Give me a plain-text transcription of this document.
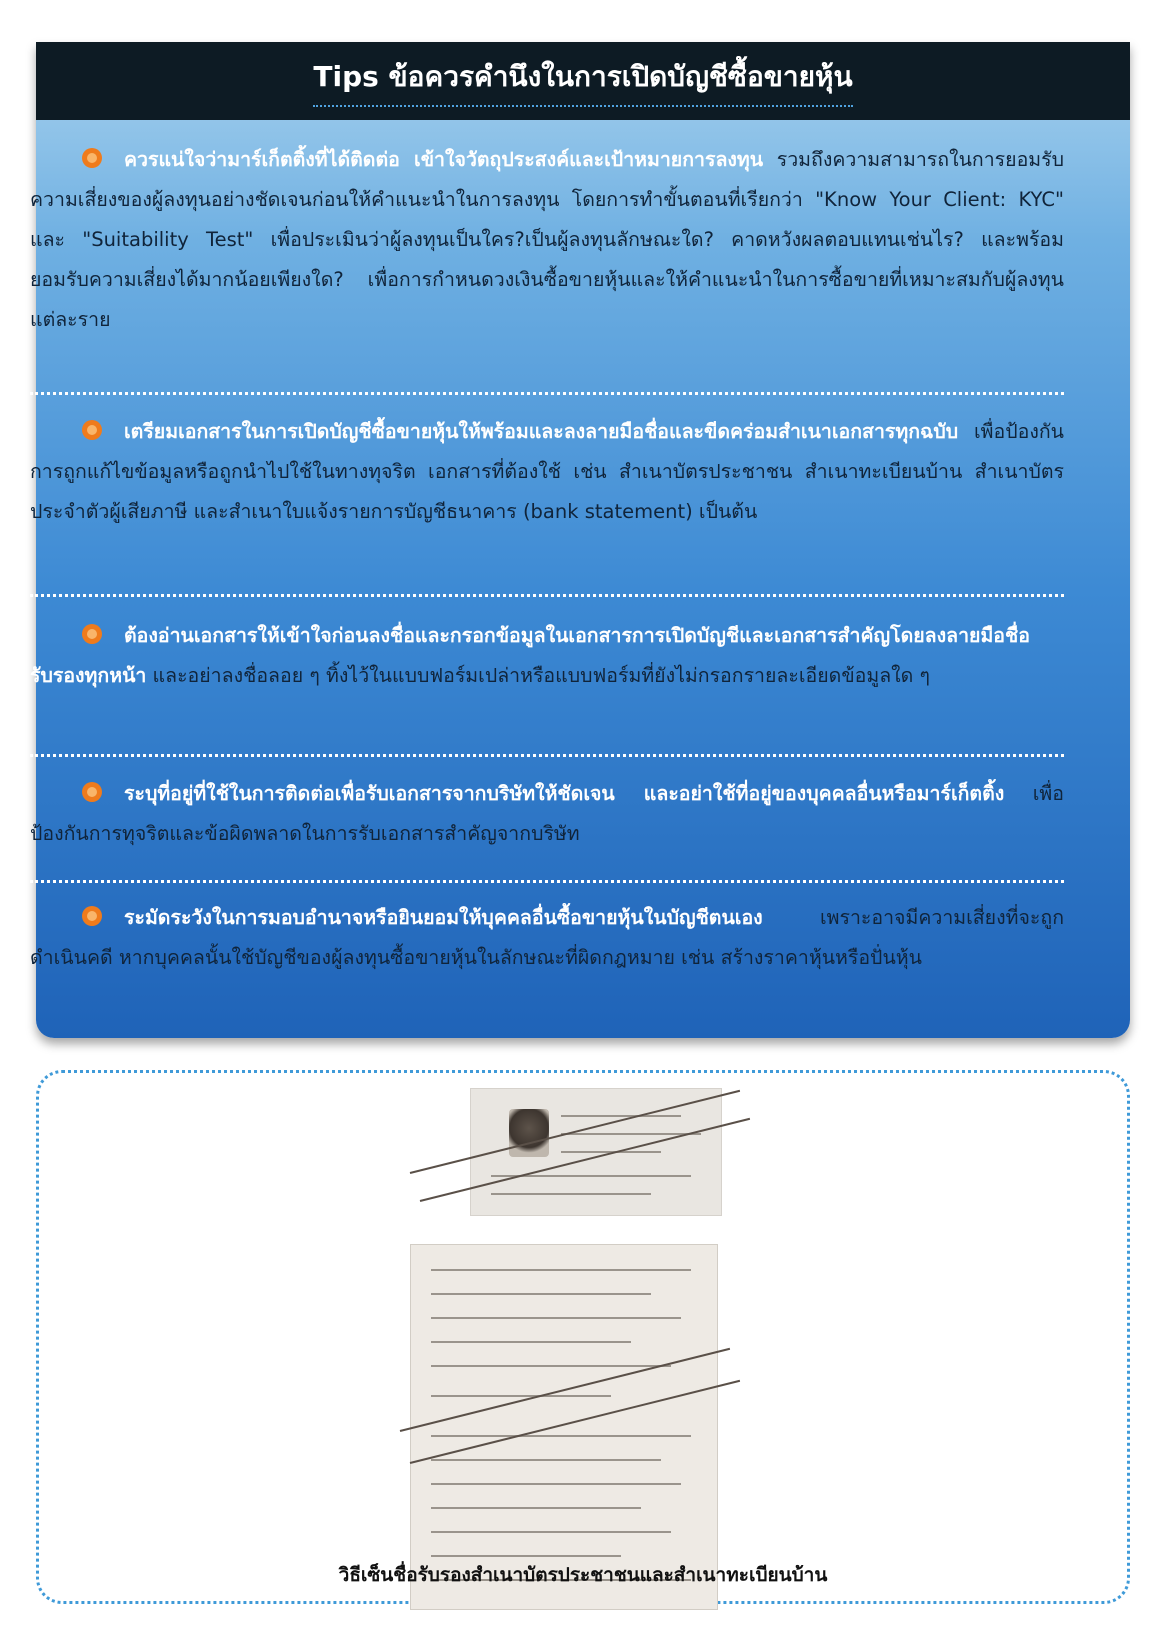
Tips ข้อควรคำนึงในการเปิดบัญชีซื้อขายหุ้น
ควรแน่ใจว่ามาร์เก็ตติ้งที่ได้ติดต่อ เข้าใจวัตถุประสงค์และเป้าหมายการลงทุน รวมถึงความสามารถในการยอมรับความเสี่ยงของผู้ลงทุนอย่างชัดเจนก่อนให้คำแนะนำในการลงทุน โดยการทำขั้นตอนที่เรียกว่า "Know Your Client: KYC" และ "Suitability Test" เพื่อประเมินว่าผู้ลงทุนเป็นใคร?เป็นผู้ลงทุนลักษณะใด? คาดหวังผลตอบแทนเช่นไร? และพร้อมยอมรับความเสี่ยงได้มากน้อยเพียงใด? เพื่อการกำหนดวงเงินซื้อขายหุ้นและให้คำแนะนำในการซื้อขายที่เหมาะสมกับผู้ลงทุนแต่ละราย
เตรียมเอกสารในการเปิดบัญชีซื้อขายหุ้นให้พร้อมและลงลายมือชื่อและขีดคร่อมสำเนาเอกสารทุกฉบับ เพื่อป้องกันการถูกแก้ไขข้อมูลหรือถูกนำไปใช้ในทางทุจริต เอกสารที่ต้องใช้ เช่น สำเนาบัตรประชาชน สำเนาทะเบียนบ้าน สำเนาบัตรประจำตัวผู้เสียภาษี และสำเนาใบแจ้งรายการบัญชีธนาคาร (bank statement) เป็นต้น
ต้องอ่านเอกสารให้เข้าใจก่อนลงชื่อและกรอกข้อมูลในเอกสารการเปิดบัญชีและเอกสารสำคัญโดยลงลายมือชื่อรับรองทุกหน้า และอย่าลงชื่อลอย ๆ ทิ้งไว้ในแบบฟอร์มเปล่าหรือแบบฟอร์มที่ยังไม่กรอกรายละเอียดข้อมูลใด ๆ
ระบุที่อยู่ที่ใช้ในการติดต่อเพื่อรับเอกสารจากบริษัทให้ชัดเจน และอย่าใช้ที่อยู่ของบุคคลอื่นหรือมาร์เก็ตติ้ง เพื่อป้องกันการทุจริตและข้อผิดพลาดในการรับเอกสารสำคัญจากบริษัท
ระมัดระวังในการมอบอำนาจหรือยินยอมให้บุคคลอื่นซื้อขายหุ้นในบัญชีตนเอง เพราะอาจมีความเสี่ยงที่จะถูกดำเนินคดี หากบุคคลนั้นใช้บัญชีของผู้ลงทุนซื้อขายหุ้นในลักษณะที่ผิดกฎหมาย เช่น สร้างราคาหุ้นหรือปั่นหุ้น
วิธีเซ็นชื่อรับรองสำเนาบัตรประชาชนและสำเนาทะเบียนบ้าน
